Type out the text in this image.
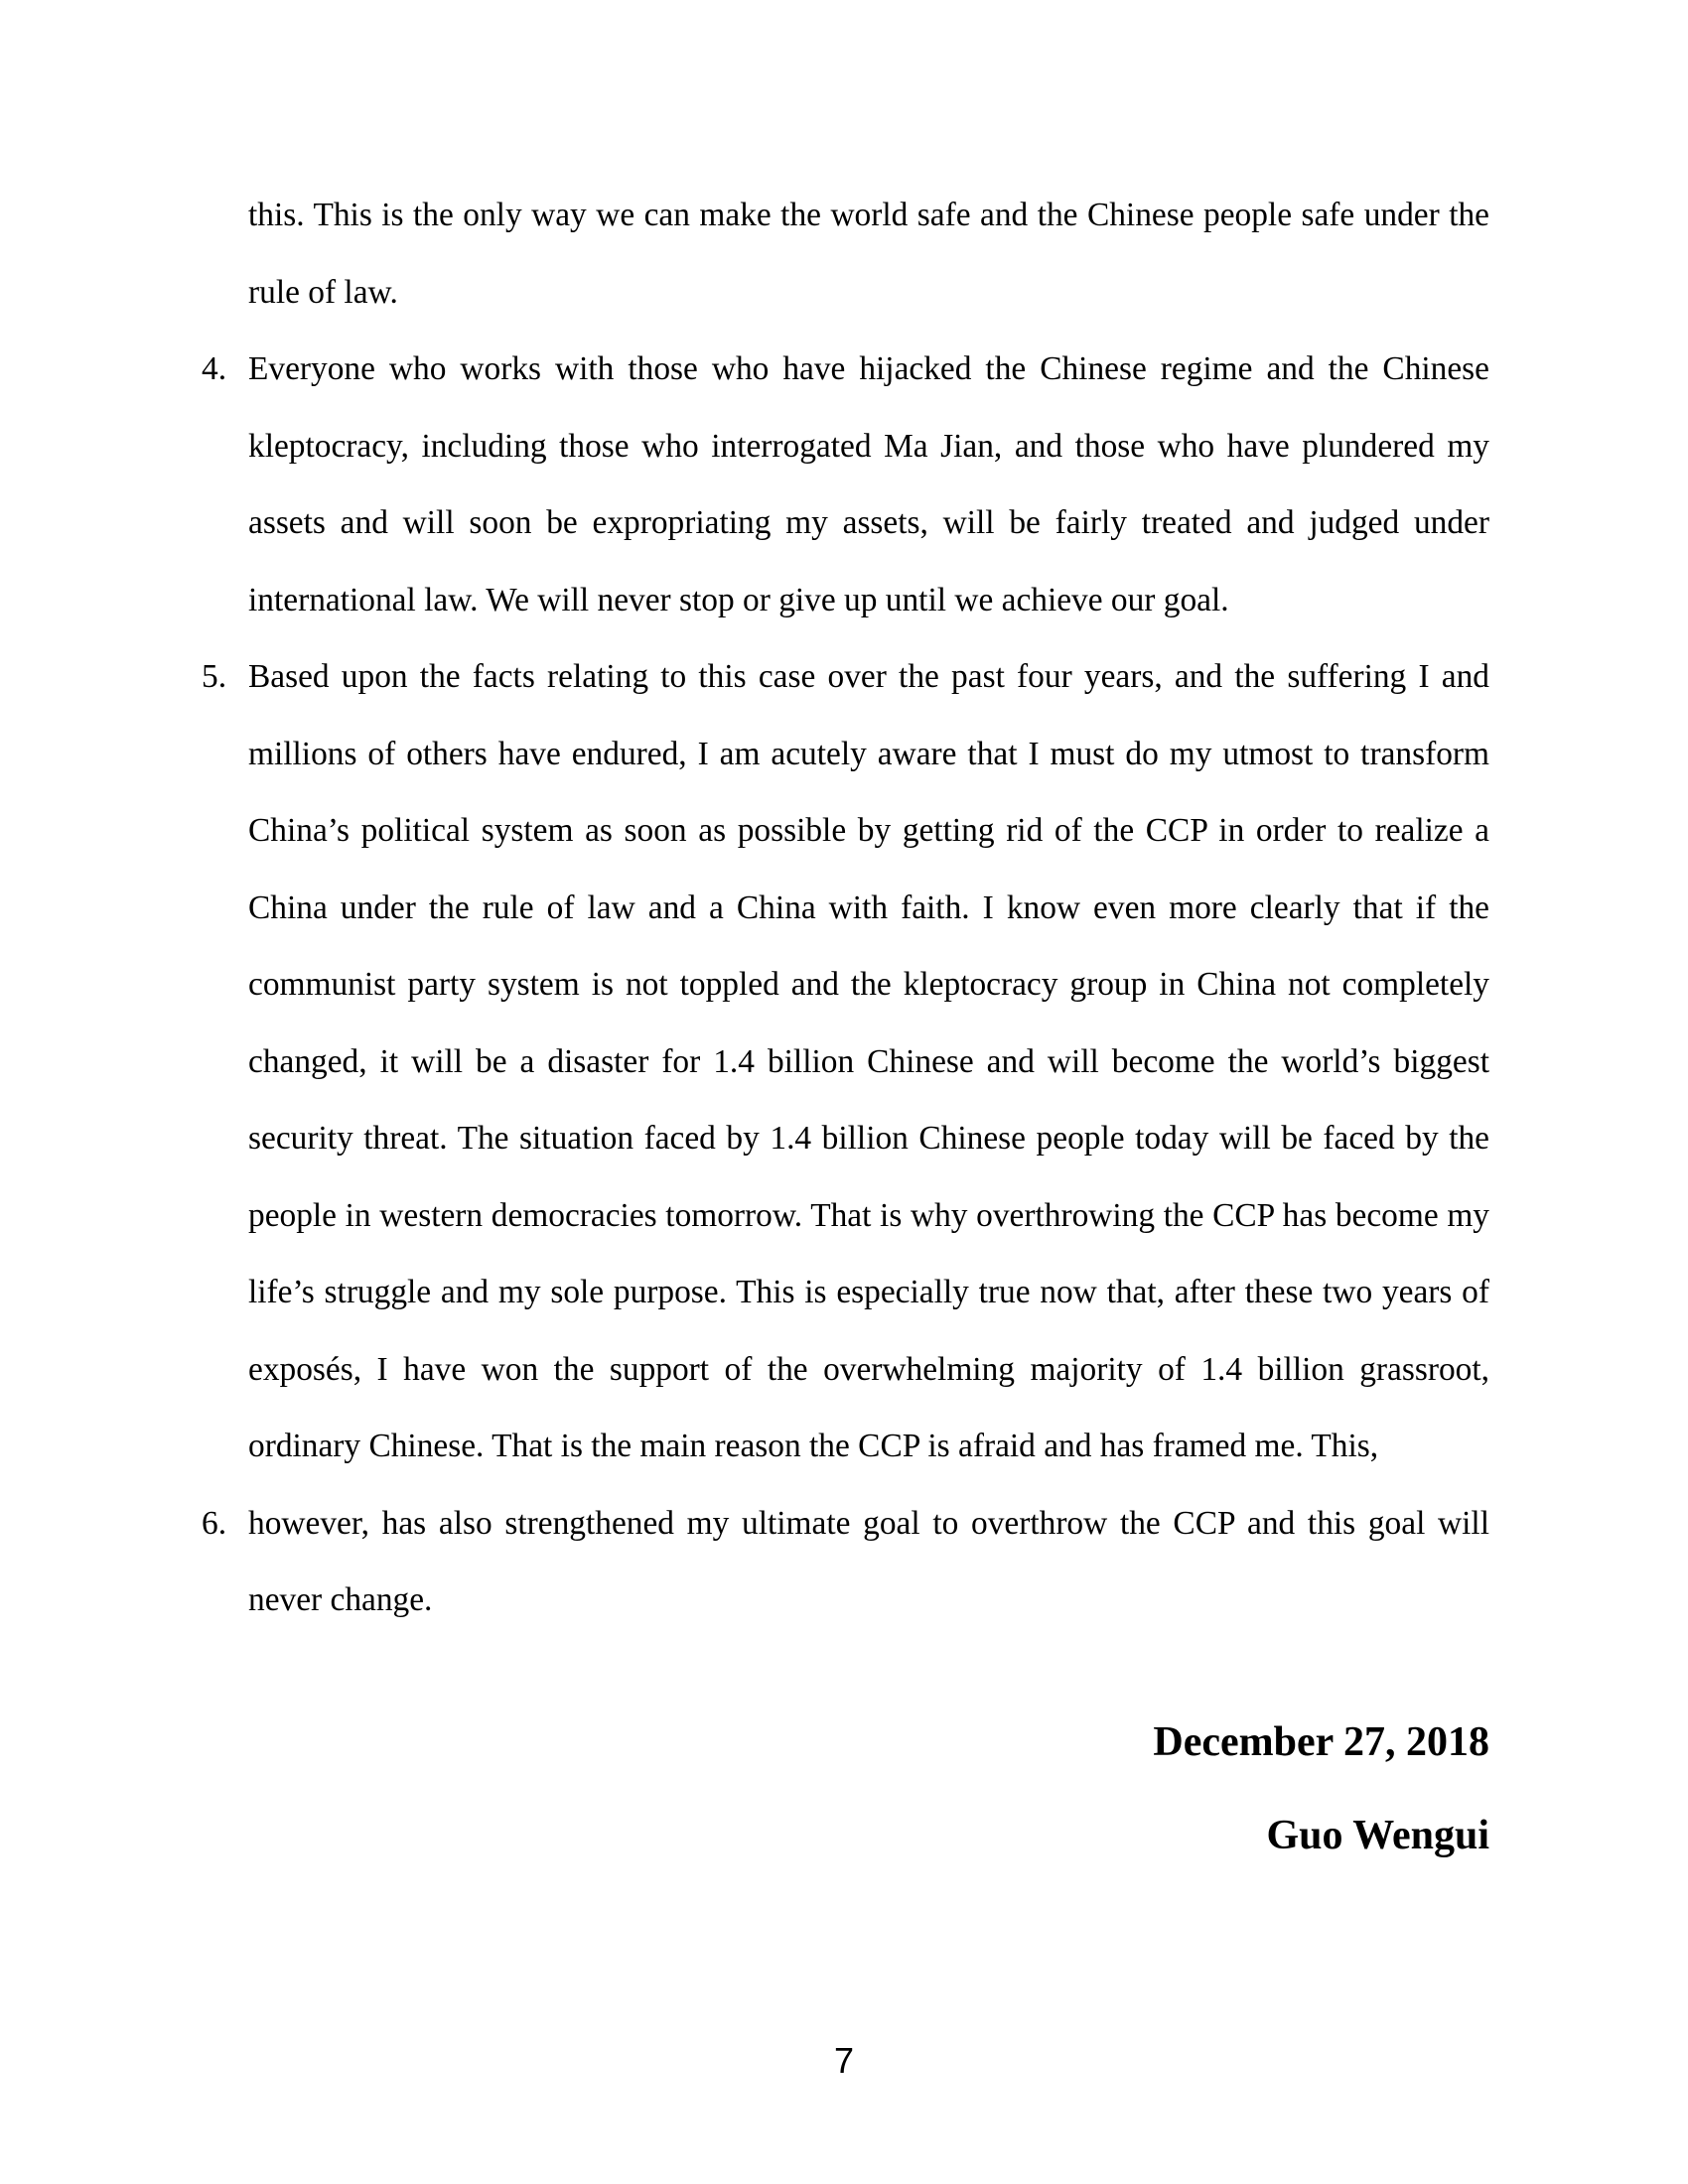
this. This is the only way we can make the world safe and the Chinese people safe under the rule of law.

4. Everyone who works with those who have hijacked the Chinese regime and the Chinese kleptocracy, including those who interrogated Ma Jian, and those who have plundered my assets and will soon be expropriating my assets, will be fairly treated and judged under international law. We will never stop or give up until we achieve our goal.
5. Based upon the facts relating to this case over the past four years, and the suffering I and millions of others have endured, I am acutely aware that I must do my utmost to transform China’s political system as soon as possible by getting rid of the CCP in order to realize a China under the rule of law and a China with faith. I know even more clearly that if the communist party system is not toppled and the kleptocracy group in China not completely changed, it will be a disaster for 1.4 billion Chinese and will become the world’s biggest security threat. The situation faced by 1.4 billion Chinese people today will be faced by the people in western democracies tomorrow. That is why overthrowing the CCP has become my life’s struggle and my sole purpose. This is especially true now that, after these two years of exposés, I have won the support of the overwhelming majority of 1.4 billion grassroot, ordinary Chinese. That is the main reason the CCP is afraid and has framed me. This,
6. however, has also strengthened my ultimate goal to overthrow the CCP and this goal will never change.
December 27, 2018
Guo Wengui
7
